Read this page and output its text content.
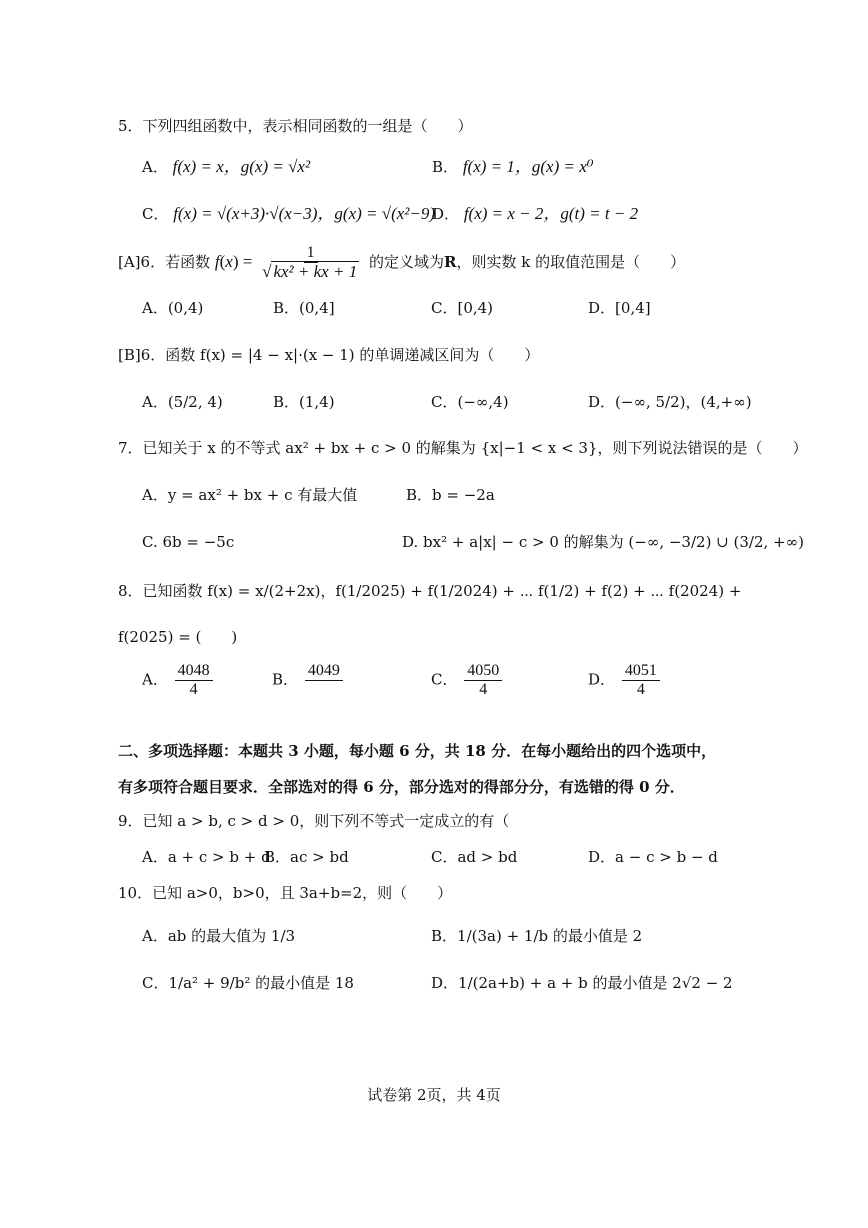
5．下列四组函数中，表示相同函数的一组是（　　）
A． f(x) = x，g(x) = √x²	B． f(x) = 1，g(x) = x⁰
C． f(x) = √(x+3)·√(x−3)，g(x) = √(x²−9)
D． f(x) = x − 2，g(t) = t − 2
[A]6．若函数 $f(x) = \frac{1}{\text{√ kx² + kx + 1}}$ 的定义域为R，则实数 k 的取值范围是（　　）
A．(0,4)	B．(0,4]	C．[0,4)	D．[0,4]
[B]6．函数 f(x) = |4 − x|·(x − 1) 的单调递减区间为（　　）
A．(5/2, 4)	B．(1,4)	C．(−∞,4)	D．(−∞, 5/2)，(4,+∞)
7．已知关于 x 的不等式 ax² + bx + c > 0 的解集为 {x|−1 < x < 3}，则下列说法错误的是（　　）
A．y = ax² + bx + c 有最大值	B．b = −2a
C. 6b = −5c	D. bx² + a|x| − c > 0 的解集为 (−∞, −3/2) ∪ (3/2, +∞)
8．已知函数 f(x) = x/(2+2x)，f(1/2025) + f(1/2024) + ⋯ f(1/2) + f(2) + ⋯ f(2024) +
f(2025) = (　　)
A． $\frac{4048}{4}$	B． 4049
	C． $\frac{4050}{4}$	D． $\frac{4051}{4}$
二、多项选择题：本题共 3 小题，每小题 6 分，共 18 分．在每小题给出的四个选项中，
有多项符合题目要求．全部选对的得 6 分，部分选对的得部分分，有选错的得 0 分．
9．已知 a > b, c > d > 0，则下列不等式一定成立的有（
A．a + c > b + d
B．ac > bd	C．ad > bd	D．a − c > b − d
10．已知 a>0，b>0，且 3a+b=2，则（　　）
A．ab 的最大值为 1/3	B．1/(3a) + 1/b 的最小值是 2
C．1/a² + 9/b² 的最小值是 18	D．1/(2a+b) + a + b 的最小值是 2√2 − 2
试卷第 2页，共 4页
